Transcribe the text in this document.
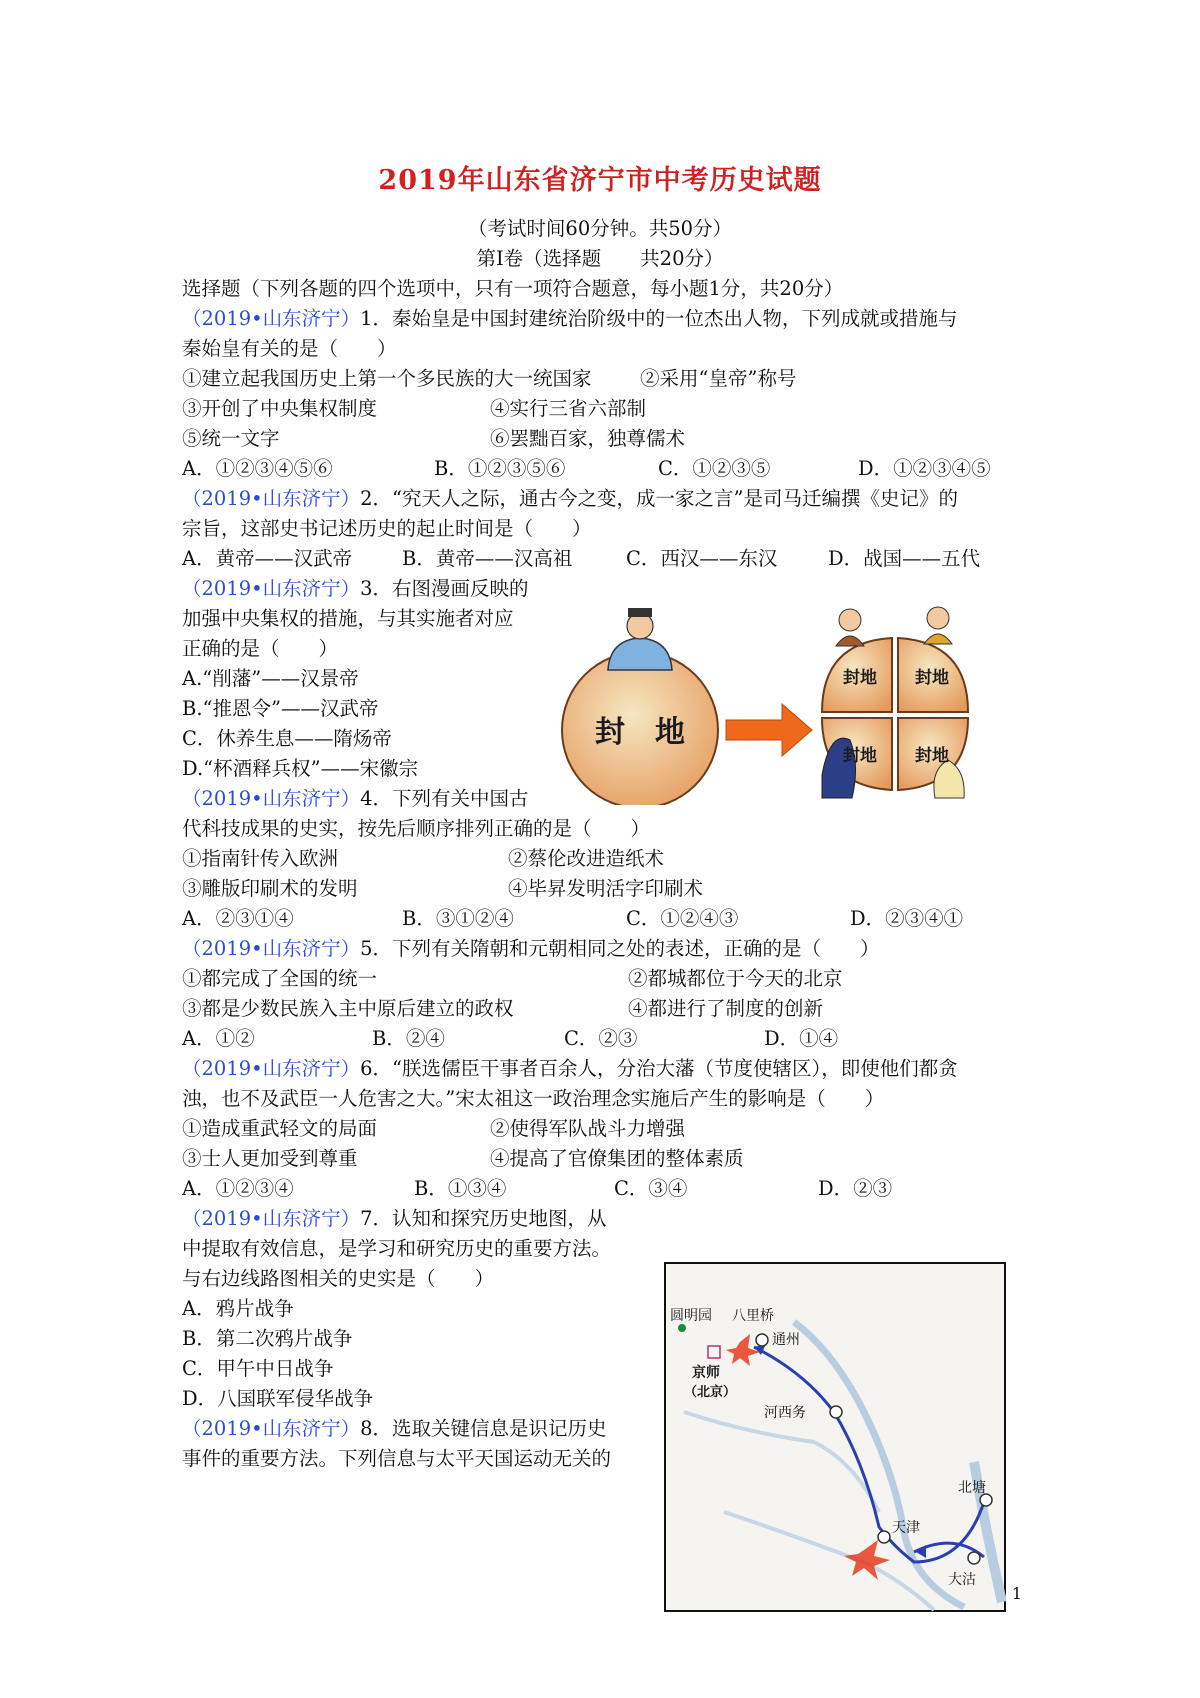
2019年山东省济宁市中考历史试题
（考试时间60分钟。共50分）
第Ⅰ卷（选择题　　共20分）
选择题（下列各题的四个选项中，只有一项符合题意，每小题1分，共20分）
（2019•山东济宁）1．秦始皇是中国封建统治阶级中的一位杰出人物，下列成就或措施与
秦始皇有关的是（　　）
①建立起我国历史上第一个多民族的大一统国家 ②采用“皇帝”称号
③开创了中央集权制度	④实行三省六部制
⑤统一文字	⑥罢黜百家，独尊儒术
A．①②③④⑤⑥	B．①②③⑤⑥	C．①②③⑤	D．①②③④⑤
（2019•山东济宁）2．“究天人之际，通古今之变，成一家之言”是司马迁编撰《史记》的
宗旨，这部史书记述历史的起止时间是（　　）
A．黄帝——汉武帝	B．黄帝——汉高祖	C．西汉——东汉	D．战国——五代
（2019•山东济宁）3．右图漫画反映的
加强中央集权的措施，与其实施者对应
正确的是（　　）
A.“削藩”——汉景帝
B.“推恩令”——汉武帝
C．休养生息——隋炀帝
D.“杯酒释兵权”——宋徽宗
封　地
封地 封地
封地 封地
（2019•山东济宁）4．下列有关中国古
代科技成果的史实，按先后顺序排列正确的是（　　）
①指南针传入欧洲	②蔡伦改进造纸术
③雕版印刷术的发明	④毕昇发明活字印刷术
A．②③①④	B．③①②④	C．①②④③	D．②③④①
（2019•山东济宁）5．下列有关隋朝和元朝相同之处的表述，正确的是（　　）
①都完成了全国的统一	②都城都位于今天的北京
③都是少数民族入主中原后建立的政权	④都进行了制度的创新
A．①②	B．②④	C．②③	D．①④
（2019•山东济宁）6．“朕选儒臣干事者百余人，分治大藩（节度使辖区），即使他们都贪
浊，也不及武臣一人危害之大。”宋太祖这一政治理念实施后产生的影响是（　　）
①造成重武轻文的局面	②使得军队战斗力增强
③士人更加受到尊重	④提高了官僚集团的整体素质
A．①②③④	B．①③④	C．③④	D．②③
（2019•山东济宁）7．认知和探究历史地图，从
中提取有效信息，是学习和研究历史的重要方法。
与右边线路图相关的史实是（　　）
A．鸦片战争
B．第二次鸦片战争
C．甲午中日战争
D．八国联军侵华战争
圆明园 八里桥
通州
京师
（北京）
河西务
天津
北塘
大沽
（2019•山东济宁）8．选取关键信息是识记历史
事件的重要方法。下列信息与太平天国运动无关的
1
